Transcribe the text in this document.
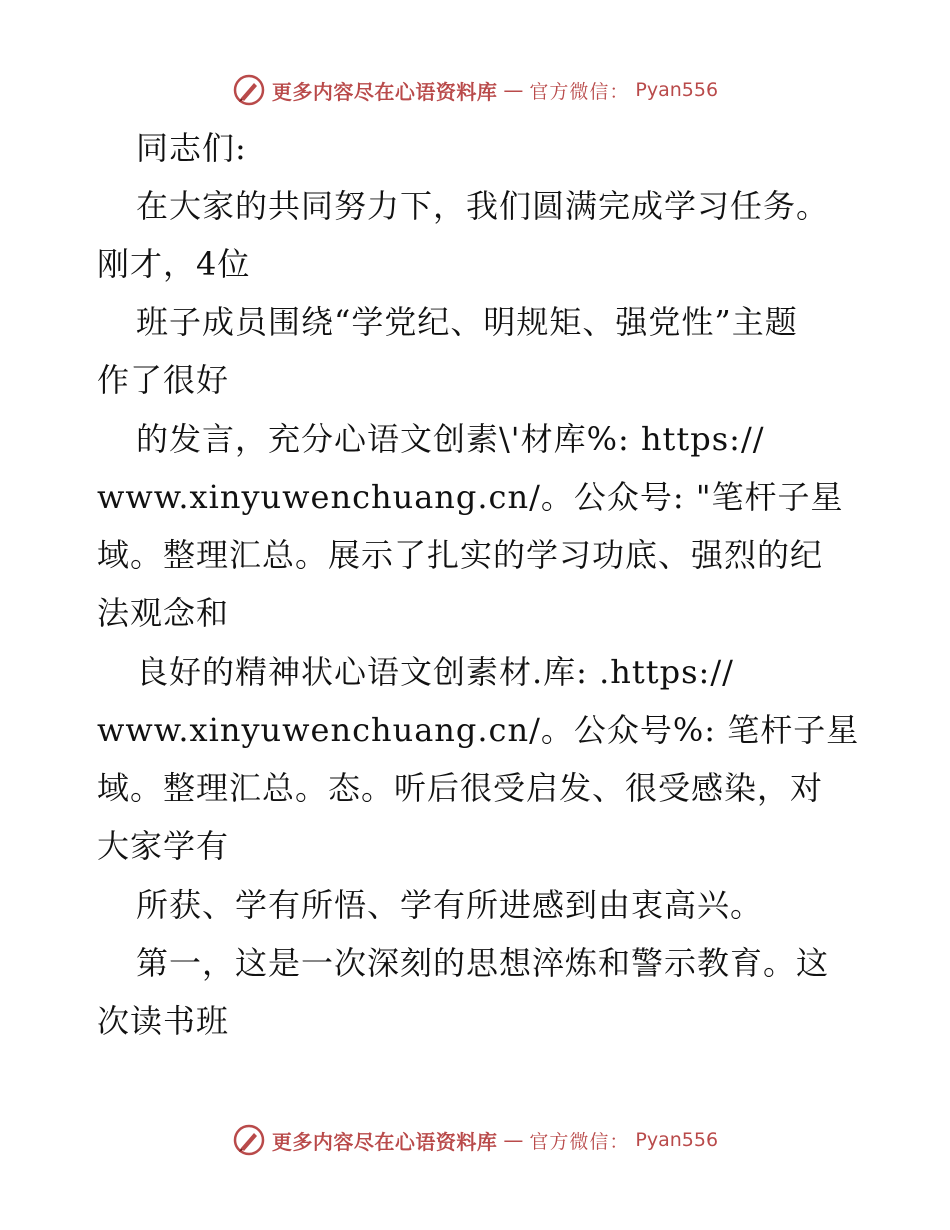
更多内容尽在心语资料库 — 官方微信： Pyan556
同志们:
在大家的共同努力下，我们圆满完成学习任务。
刚才，4位
班子成员围绕“学党纪、明规矩、强党性”主题
作了很好
的发言，充分心语文创素\'材库%: https://
www.xinyuwenchuang.cn/。公众号: "笔杆子星
域。整理汇总。展示了扎实的学习功底、强烈的纪
法观念和
良好的精神状心语文创素材.库: .https://
www.xinyuwenchuang.cn/。公众号%: 笔杆子星
域。整理汇总。态。听后很受启发、很受感染，对
大家学有
所获、学有所悟、学有所进感到由衷高兴。
第一，这是一次深刻的思想淬炼和警示教育。这
次读书班
更多内容尽在心语资料库 — 官方微信： Pyan556
